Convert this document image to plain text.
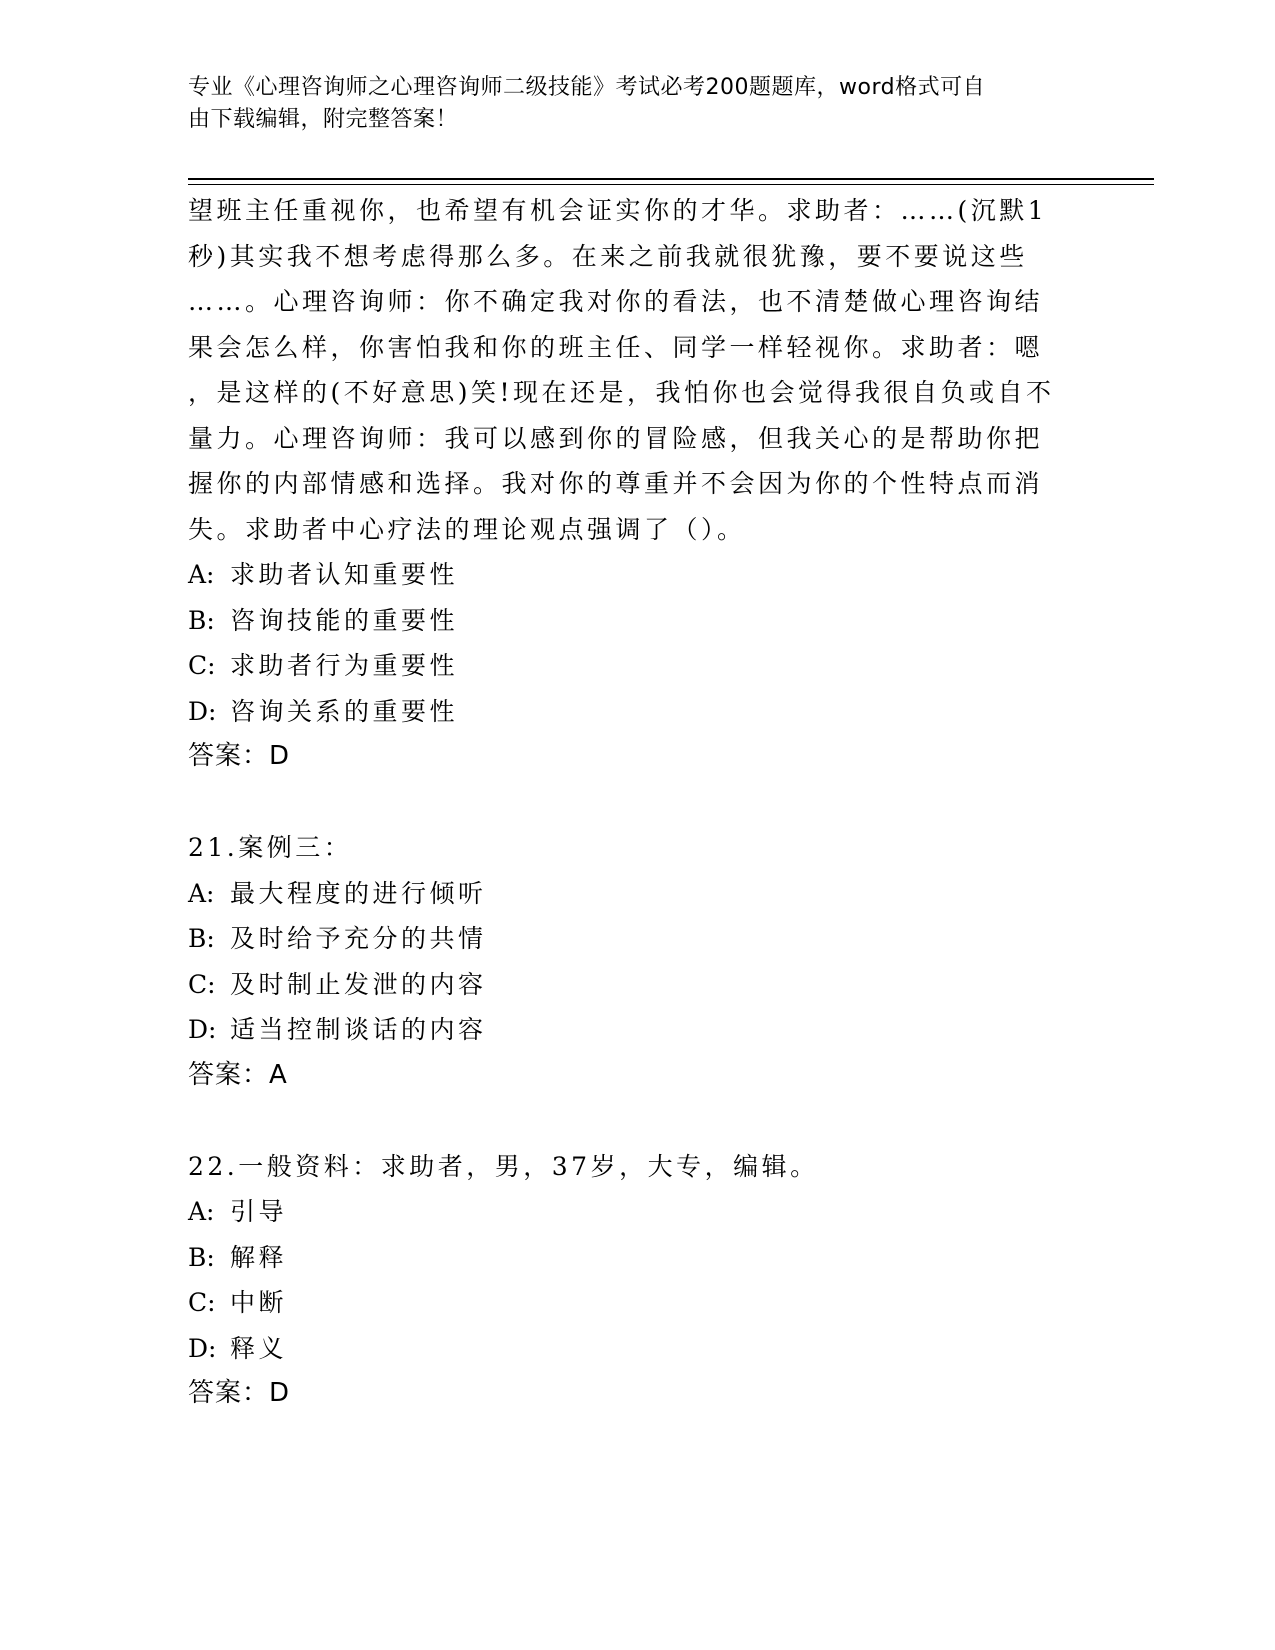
专业《心理咨询师之心理咨询师二级技能》考试必考200题题库，word格式可自
由下载编辑，附完整答案！
望班主任重视你，也希望有机会证实你的才华。求助者：……(沉默1
秒)其实我不想考虑得那么多。在来之前我就很犹豫，要不要说这些
……。心理咨询师：你不确定我对你的看法，也不清楚做心理咨询结
果会怎么样，你害怕我和你的班主任、同学一样轻视你。求助者：嗯
，是这样的(不好意思)笑!现在还是，我怕你也会觉得我很自负或自不
量力。心理咨询师：我可以感到你的冒险感，但我关心的是帮助你把
握你的内部情感和选择。我对你的尊重并不会因为你的个性特点而消
失。求助者中心疗法的理论观点强调了（）。
A: 求助者认知重要性
B: 咨询技能的重要性
C: 求助者行为重要性
D: 咨询关系的重要性
答案：D
21.案例三：
A: 最大程度的进行倾听
B: 及时给予充分的共情
C: 及时制止发泄的内容
D: 适当控制谈话的内容
答案：A
22.一般资料：求助者，男，37岁，大专，编辑。
A: 引导
B: 解释
C: 中断
D: 释义
答案：D
